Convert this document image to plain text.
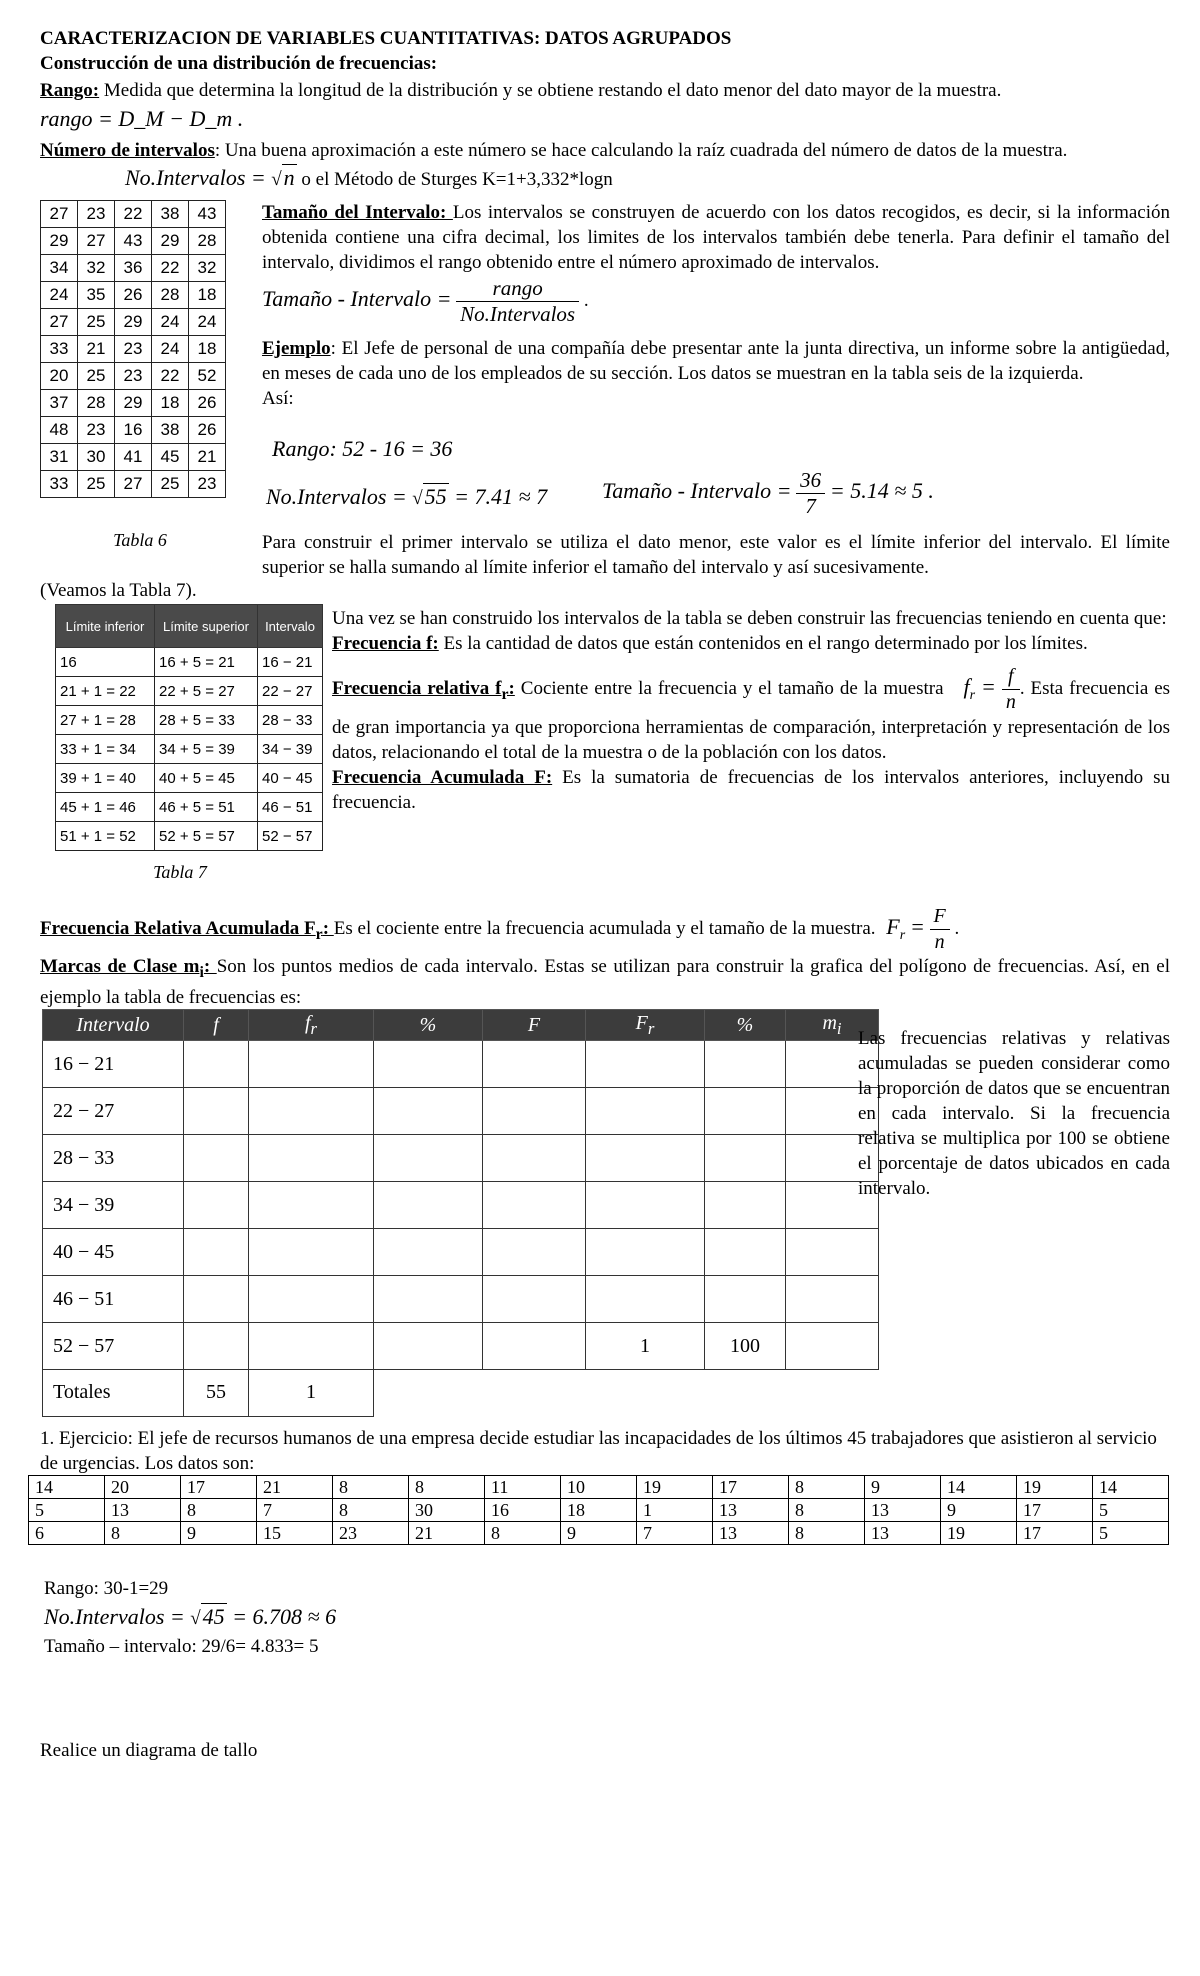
CARACTERIZACION DE VARIABLES CUANTITATIVAS: DATOS AGRUPADOS
Construcción de una distribución de frecuencias:
Rango: Medida que determina la longitud de la distribución y se obtiene restando el dato menor del dato mayor de la muestra.
rango = D_M − D_m .
Número de intervalos: Una buena aproximación a este número se hace calculando la raíz cuadrada del número de datos de la muestra.
No.Intervalos = √n o el Método de Sturges K=1+3,332*logn
27	23	22	38	43
29	27	43	29	28
34	32	36	22	32
24	35	26	28	18
27	25	29	24	24
33	21	23	24	18
20	25	23	22	52
37	28	29	18	26
48	23	16	38	26
31	30	41	45	21
33	25	27	25	23
Tabla 6
Tamaño del Intervalo: Los intervalos se construyen de acuerdo con los datos recogidos, es decir, si la información obtenida contiene una cifra decimal, los limites de los intervalos también debe tenerla. Para definir el tamaño del intervalo, dividimos el rango obtenido entre el número aproximado de intervalos.
Tamaño - Intervalo = $\frac{\text{rango}}{\text{No.Intervalos}}$ .
Ejemplo: El Jefe de personal de una compañía debe presentar ante la junta directiva, un informe sobre la antigüedad, en meses de cada uno de los empleados de su sección. Los datos se muestran en la tabla seis de la izquierda.
Así:
Rango: 52 - 16 = 36
No.Intervalos = √55 = 7.41 ≈ 7 Tamaño - Intervalo = $\frac{36}{7} = 5.14 \approx 5$ .
Para construir el primer intervalo se utiliza el dato menor, este valor es el límite inferior del intervalo. El límite superior se halla sumando al límite inferior el tamaño del intervalo y así sucesivamente.
(Veamos la Tabla 7).
Límite inferior	Límite superior	Intervalo
16	16 + 5 = 21	16 − 21
21 + 1 = 22	22 + 5 = 27	22 − 27
27 + 1 = 28	28 + 5 = 33	28 − 33
33 + 1 = 34	34 + 5 = 39	34 − 39
39 + 1 = 40	40 + 5 = 45	40 − 45
45 + 1 = 46	46 + 5 = 51	46 − 51
51 + 1 = 52	52 + 5 = 57	52 − 57
Tabla 7
Una vez se han construido los intervalos de la tabla se deben construir las frecuencias teniendo en cuenta que:
Frecuencia f: Es la cantidad de datos que están contenidos en el rango determinado por los límites.
Frecuencia relativa $f_r$: Cociente entre la frecuencia y el tamaño de la muestra $f_r = \frac{f}{n}$ . Esta frecuencia es de gran importancia ya que proporciona herramientas de comparación, interpretación y representación de los datos, relacionando el total de la muestra o de la población con los datos.
Frecuencia Acumulada F: Es la sumatoria de frecuencias de los intervalos anteriores, incluyendo su frecuencia.
Frecuencia Relativa Acumulada $F_r$: Es el cociente entre la frecuencia acumulada y el tamaño de la muestra. $F_r = \frac{F}{n}$ .
Marcas de Clase $m_i$: Son los puntos medios de cada intervalo. Estas se utilizan para construir la grafica del polígono de frecuencias. Así, en el ejemplo la tabla de frecuencias es:
Intervalo	f	$f_r$	%	F	$F_r$	%	$m_i$
16 − 21							
22 − 27							
28 − 33							
34 − 39							
40 − 45							
46 − 51							
52 − 57					1	100	
Totales	55	1					
Las frecuencias relativas y relativas acumuladas se pueden considerar como la proporción de datos que se encuentran en cada intervalo. Si la frecuencia relativa se multiplica por 100 se obtiene el porcentaje de datos ubicados en cada intervalo.
1. Ejercicio: El jefe de recursos humanos de una empresa decide estudiar las incapacidades de los últimos 45 trabajadores que asistieron al servicio de urgencias. Los datos son:
14	20	17	21	8	8	11	10	19	17	8	9	14	19	14
5	13	8	7	8	30	16	18	1	13	8	13	9	17	5
6	8	9	15	23	21	8	9	7	13	8	13	19	17	5
Rango: 30-1=29
No.Intervalos = √45 = 6.708 ≈ 6
Tamaño – intervalo: 29/6= 4.833= 5
Realice un diagrama de tallo
